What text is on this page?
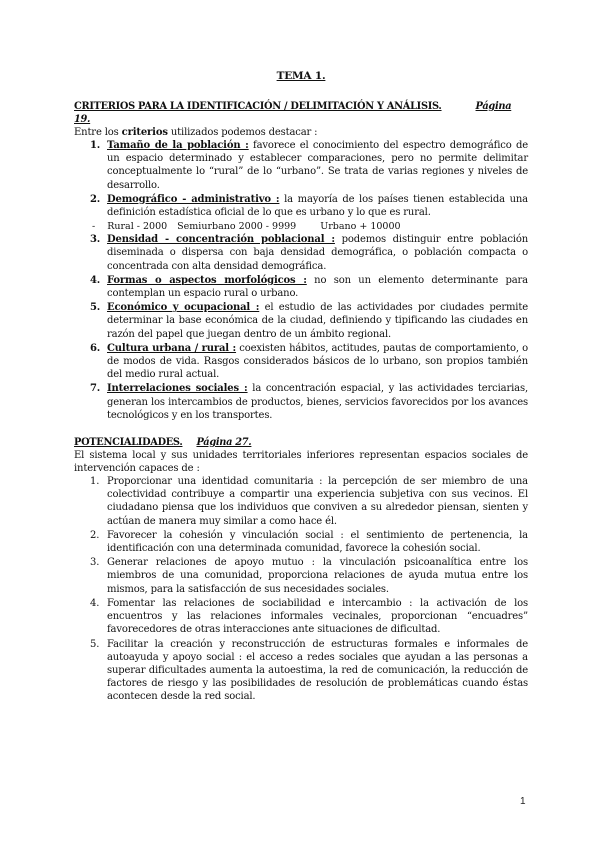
TEMA 1.

CRITERIOS PARA LA IDENTIFICACIÓN / DELIMITACIÓN Y ANÁLISIS.	Página 19.

Entre los criterios utilizados podemos destacar :

1. Tamaño de la población : favorece el conocimiento del espectro demográfico de un espacio determinado y establecer comparaciones, pero no permite delimitar conceptualmente lo “rural” de lo “urbano”. Se trata de varias regiones y niveles de desarrollo.
2. Demográfico - administrativo : la mayoría de los países tienen establecida una definición estadística oficial de lo que es urbano y lo que es rural.
- Rural - 2000 Semiurbano 2000 - 9999	Urbano + 10000
3. Densidad - concentración poblacional : podemos distinguir entre población diseminada o dispersa con baja densidad demográfica, o población compacta o concentrada con alta densidad demográfica.
4. Formas o aspectos morfológicos : no son un elemento determinante para contemplan un espacio rural o urbano.
5. Económico y ocupacional : el estudio de las actividades por ciudades permite determinar la base económica de la ciudad, definiendo y tipificando las ciudades en razón del papel que juegan dentro de un ámbito regional.
6. Cultura urbana / rural : coexisten hábitos, actitudes, pautas de comportamiento, o de modos de vida. Rasgos considerados básicos de lo urbano, son propios también del medio rural actual.
7. Interrelaciones sociales : la concentración espacial, y las actividades terciarias, generan los intercambios de productos, bienes, servicios favorecidos por los avances tecnológicos y en los transportes.

POTENCIALIDADES. Página 27.

El sistema local y sus unidades territoriales inferiores representan espacios sociales de intervención capaces de :

1. Proporcionar una identidad comunitaria : la percepción de ser miembro de una colectividad contribuye a compartir una experiencia subjetiva con sus vecinos. El ciudadano piensa que los individuos que conviven a su alrededor piensan, sienten y actúan de manera muy similar a como hace él.
2. Favorecer la cohesión y vinculación social : el sentimiento de pertenencia, la identificación con una determinada comunidad, favorece la cohesión social.
3. Generar relaciones de apoyo mutuo : la vinculación psicoanalítica entre los miembros de una comunidad, proporciona relaciones de ayuda mutua entre los mismos, para la satisfacción de sus necesidades sociales.
4. Fomentar las relaciones de sociabilidad e intercambio : la activación de los encuentros y las relaciones informales vecinales, proporcionan “encuadres” favorecedores de otras interacciones ante situaciones de dificultad.
5. Facilitar la creación y reconstrucción de estructuras formales e informales de autoayuda y apoyo social : el acceso a redes sociales que ayudan a las personas a superar dificultades aumenta la autoestima, la red de comunicación, la reducción de factores de riesgo y las posibilidades de resolución de problemáticas cuando éstas acontecen desde la red social.
1
